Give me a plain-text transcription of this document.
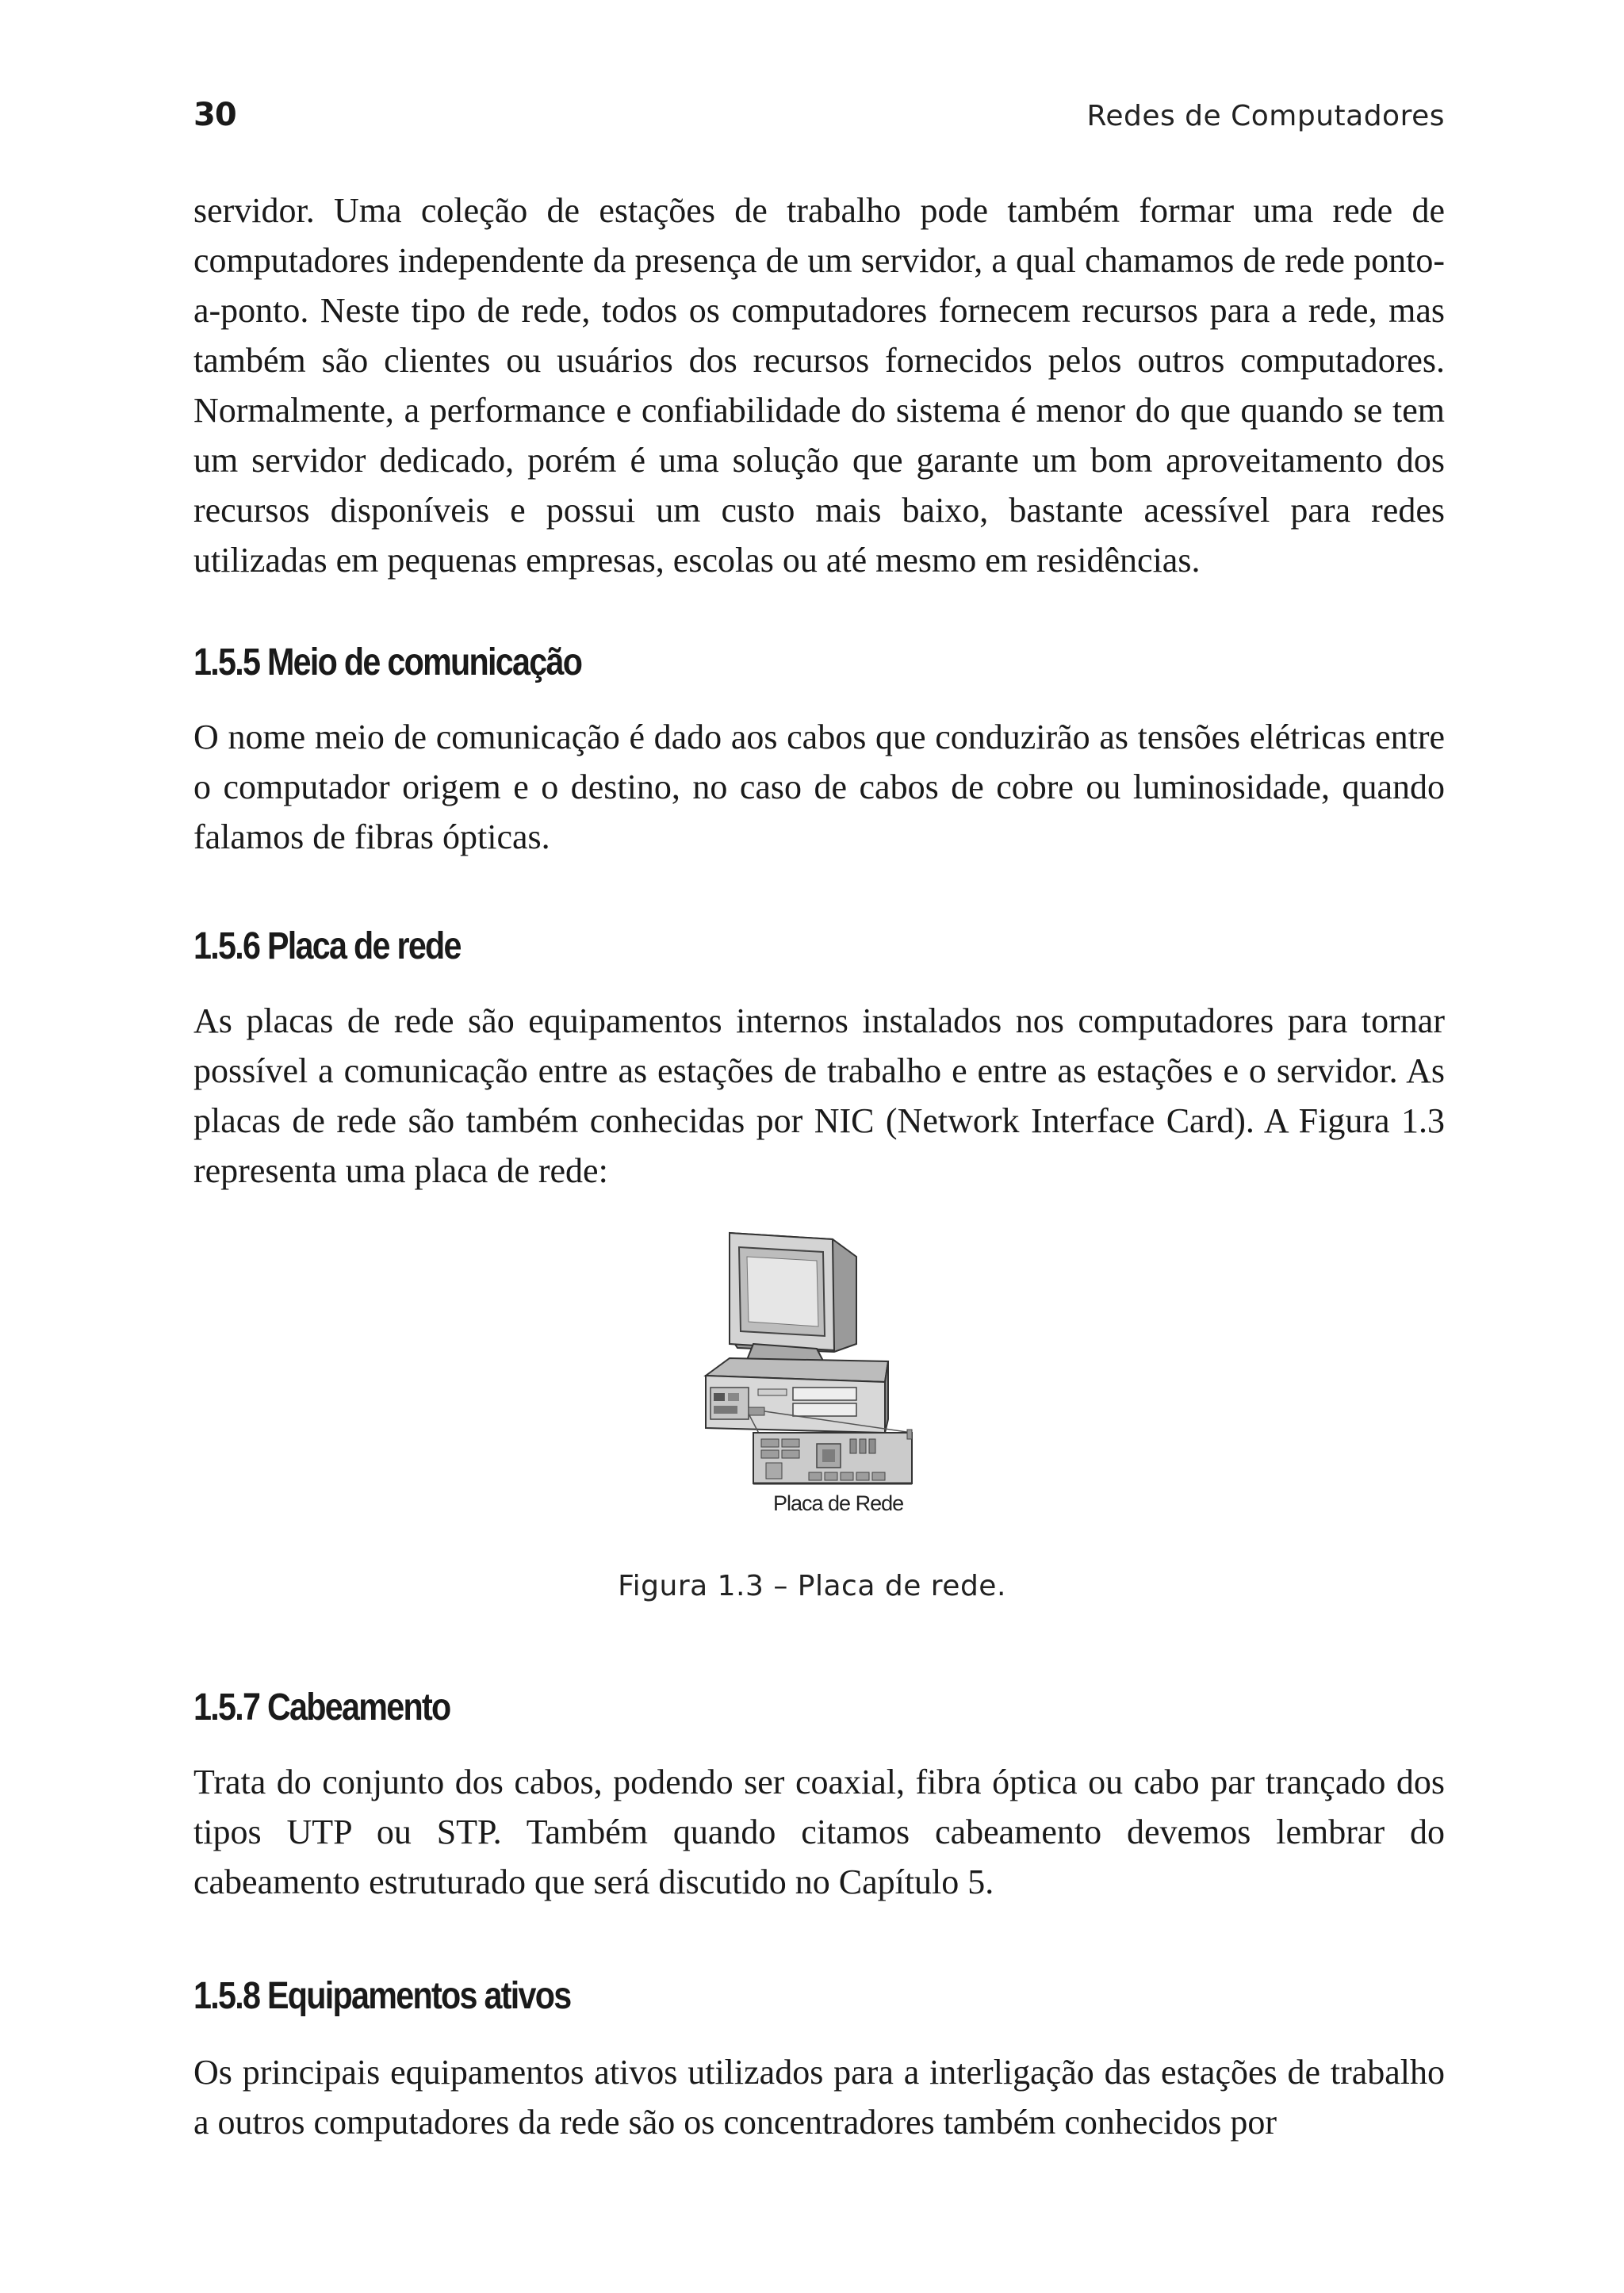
30	Redes de Computadores

servidor. Uma coleção de estações de trabalho pode também formar uma rede de computadores independente da presença de um servidor, a qual chamamos de rede ponto-a-ponto. Neste tipo de rede, todos os computadores fornecem recursos para a rede, mas também são clientes ou usuários dos recursos fornecidos pelos outros computadores. Normalmente, a performance e confiabilidade do sistema é menor do que quando se tem um servidor dedicado, porém é uma solução que garante um bom aproveitamento dos recursos disponíveis e possui um custo mais baixo, bastante acessível para redes utilizadas em pequenas empresas, escolas ou até mesmo em residências.

1.5.5 Meio de comunicação

O nome meio de comunicação é dado aos cabos que conduzirão as tensões elétricas entre o computador origem e o destino, no caso de cabos de cobre ou luminosidade, quando falamos de fibras ópticas.

1.5.6 Placa de rede

As placas de rede são equipamentos internos instalados nos computadores para tornar possível a comunicação entre as estações de trabalho e entre as estações e o servidor. As placas de rede são também conhecidas por NIC (Network Interface Card). A Figura 1.3 representa uma placa de rede:

Placa de Rede
Figura 1.3 – Placa de rede.
1.5.7 Cabeamento

Trata do conjunto dos cabos, podendo ser coaxial, fibra óptica ou cabo par trançado dos tipos UTP ou STP. Também quando citamos cabeamento devemos lembrar do cabeamento estruturado que será discutido no Capítulo 5.

1.5.8 Equipamentos ativos

Os principais equipamentos ativos utilizados para a interligação das estações de trabalho a outros computadores da rede são os concentradores também conhecidos por
